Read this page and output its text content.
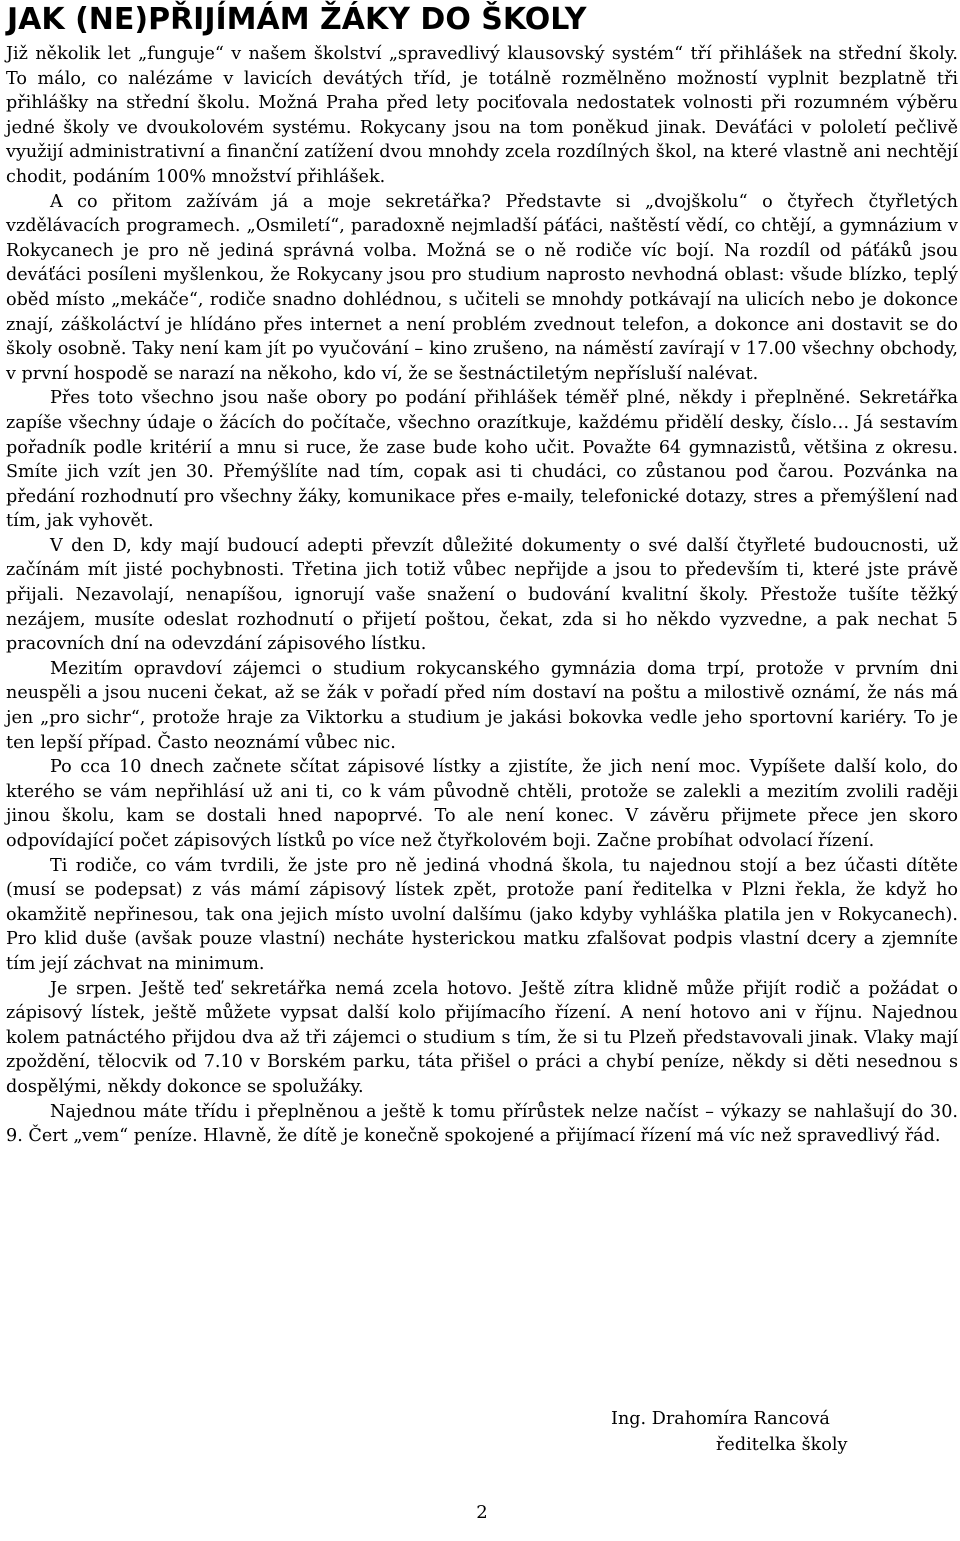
JAK (NE)PŘIJÍMÁM ŽÁKY DO ŠKOLY

Již několik let „funguje“ v našem školství „spravedlivý klausovský systém“ tří přihlášek na střední školy. To málo, co nalézáme v lavicích devátých tříd, je totálně rozmělněno možností vyplnit bezplatně tři přihlášky na střední školu. Možná Praha před lety pociťovala nedostatek volnosti při rozumném výběru jedné školy ve dvoukolovém systému. Rokycany jsou na tom poněkud jinak. Deváťáci v pololetí pečlivě využijí administrativní a finanční zatížení dvou mnohdy zcela rozdílných škol, na které vlastně ani nechtějí chodit, podáním 100% množství přihlášek.

A co přitom zažívám já a moje sekretářka? Představte si „dvojškolu“ o čtyřech čtyřletých vzdělávacích programech. „Osmiletí“, paradoxně nejmladší páťáci, naštěstí vědí, co chtějí, a gymnázium v Rokycanech je pro ně jediná správná volba. Možná se o ně rodiče víc bojí. Na rozdíl od páťáků jsou deváťáci posíleni myšlenkou, že Rokycany jsou pro studium naprosto nevhodná oblast: všude blízko, teplý oběd místo „mekáče“, rodiče snadno dohlédnou, s učiteli se mnohdy potkávají na ulicích nebo je dokonce znají, záškoláctví je hlídáno přes internet a není problém zvednout telefon, a dokonce ani dostavit se do školy osobně. Taky není kam jít po vyučování – kino zrušeno, na náměstí zavírají v 17.00 všechny obchody, v první hospodě se narazí na někoho, kdo ví, že se šestnáctiletým nepřísluší nalévat.

Přes toto všechno jsou naše obory po podání přihlášek téměř plné, někdy i přeplněné. Sekretářka zapíše všechny údaje o žácích do počítače, všechno orazítkuje, každému přidělí desky, číslo… Já sestavím pořadník podle kritérií a mnu si ruce, že zase bude koho učit. Považte 64 gymnazistů, většina z okresu. Smíte jich vzít jen 30. Přemýšlíte nad tím, copak asi ti chudáci, co zůstanou pod čarou. Pozvánka na předání rozhodnutí pro všechny žáky, komunikace přes e-maily, telefonické dotazy, stres a přemýšlení nad tím, jak vyhovět.

V den D, kdy mají budoucí adepti převzít důležité dokumenty o své další čtyřleté budoucnosti, už začínám mít jisté pochybnosti. Třetina jich totiž vůbec nepřijde a jsou to především ti, které jste právě přijali. Nezavolají, nenapíšou, ignorují vaše snažení o budování kvalitní školy. Přestože tušíte těžký nezájem, musíte odeslat rozhodnutí o přijetí poštou, čekat, zda si ho někdo vyzvedne, a pak nechat 5 pracovních dní na odevzdání zápisového lístku.

Mezitím opravdoví zájemci o studium rokycanského gymnázia doma trpí, protože v prvním dni neuspěli a jsou nuceni čekat, až se žák v pořadí před ním dostaví na poštu a milostivě oznámí, že nás má jen „pro sichr“, protože hraje za Viktorku a studium je jakási bokovka vedle jeho sportovní kariéry. To je ten lepší případ. Často neoznámí vůbec nic.

Po cca 10 dnech začnete sčítat zápisové lístky a zjistíte, že jich není moc. Vypíšete další kolo, do kterého se vám nepřihlásí už ani ti, co k vám původně chtěli, protože se zalekli a mezitím zvolili raději jinou školu, kam se dostali hned napoprvé. To ale není konec. V závěru přijmete přece jen skoro odpovídající počet zápisových lístků po více než čtyřkolovém boji. Začne probíhat odvolací řízení.

Ti rodiče, co vám tvrdili, že jste pro ně jediná vhodná škola, tu najednou stojí a bez účasti dítěte (musí se podepsat) z vás mámí zápisový lístek zpět, protože paní ředitelka v Plzni řekla, že když ho okamžitě nepřinesou, tak ona jejich místo uvolní dalšímu (jako kdyby vyhláška platila jen v Rokycanech). Pro klid duše (avšak pouze vlastní) necháte hysterickou matku zfalšovat podpis vlastní dcery a zjemníte tím její záchvat na minimum.

Je srpen. Ještě teď sekretářka nemá zcela hotovo. Ještě zítra klidně může přijít rodič a požádat o zápisový lístek, ještě můžete vypsat další kolo přijímacího řízení. A není hotovo ani v říjnu. Najednou kolem patnáctého přijdou dva až tři zájemci o studium s tím, že si tu Plzeň představovali jinak. Vlaky mají zpoždění, tělocvik od 7.10 v Borském parku, táta přišel o práci a chybí peníze, někdy si děti nesednou s dospělými, někdy dokonce se spolužáky.

Najednou máte třídu i přeplněnou a ještě k tomu přírůstek nelze načíst – výkazy se nahlašují do 30. 9. Čert „vem“ peníze. Hlavně, že dítě je konečně spokojené a přijímací řízení má víc než spravedlivý řád.

Ing. Drahomíra Rancová
ředitelka školy
2
